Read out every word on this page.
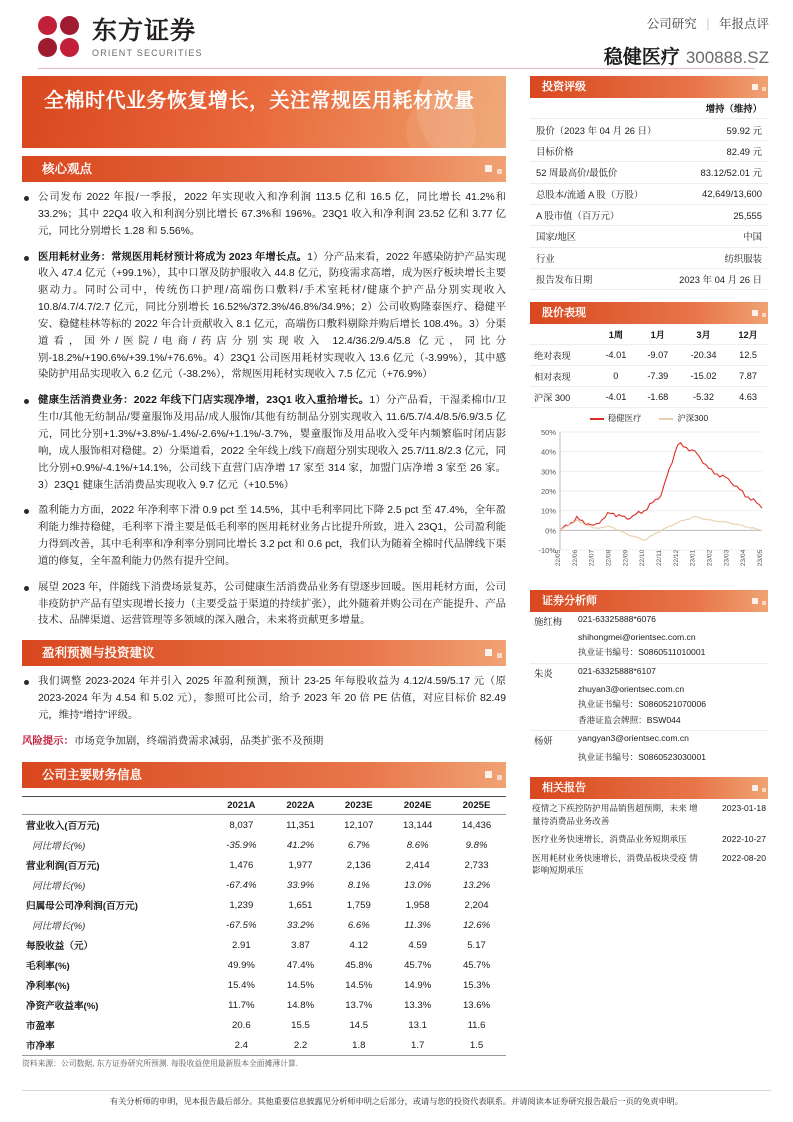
东方证券
ORIENT SECURITIES
公司研究 | 年报点评
稳健医疗 300888.SZ
全棉时代业务恢复增长，关注常规医用耗材放量
核心观点
公司发布 2022 年报/一季报，2022 年实现收入和净利润 113.5 亿和 16.5 亿，同比增长 41.2%和 33.2%；其中 22Q4 收入和利润分别比增长 67.3%和 196%。23Q1 收入和净利润 23.52 亿和 3.77 亿元，同比分别增长 1.28 和 5.56%。
医用耗材业务：常规医用耗材预计将成为 2023 年增长点。1）分产品来看，2022 年感染防护产品实现收入 47.4 亿元（+99.1%），其中口罩及防护服收入 44.8 亿元，防疫需求高增，成为医疗板块增长主要驱动力。同时公司中，传统伤口护理/高端伤口敷料/手术室耗材/健康个护产品分别实现收入 10.8/4.7/4.7/2.7 亿元，同比分别增长 16.52%/372.3%/46.8%/34.9%；2）公司收购隆泰医疗、稳健平安、稳健桂林等标的 2022 年合计贡献收入 8.1 亿元，高端伤口敷料剔除并购后增长 108.4%。3）分渠道看，国外/医院/电商/药店分别实现收入 12.4/36.2/9.4/5.8 亿元，同比分别-18.2%/+190.6%/+39.1%/+76.6%。4）23Q1 公司医用耗材实现收入 13.6 亿元（-3.99%），其中感染防护用品实现收入 6.2 亿元（-38.2%），常规医用耗材实现收入 7.5 亿元（+76.9%）
健康生活消费业务：2022 年线下门店实现净增，23Q1 收入重拾增长。1）分产品看，干湿柔棉巾/卫生巾/其他无纺制品/婴童服饰及用品/成人服饰/其他有纺制品分别实现收入 11.6/5.7/4.4/8.5/6.9/3.5 亿元，同比分别+1.3%/+3.8%/-1.4%/-2.6%/+1.1%/-3.7%，婴童服饰及用品收入受年内频繁临时闭店影响，成人服饰相对稳健。2）分渠道看，2022 全年线上/线下/商超分别实现收入 25.7/11.8/2.3 亿元，同比分别+0.9%/-4.1%/+14.1%，公司线下直营门店净增 17 家至 314 家，加盟门店净增 3 家至 26 家。3）23Q1 健康生活消费品实现收入 9.7 亿元（+10.5%）
盈利能力方面，2022 年净利率下滑 0.9 pct 至 14.5%，其中毛利率同比下降 2.5 pct 至 47.4%，全年盈利能力维持稳健，毛利率下滑主要是低毛利率的医用耗材业务占比提升所致，进入 23Q1，公司盈利能力得到改善，其中毛利率和净利率分别同比增长 3.2 pct 和 0.6 pct，我们认为随着全棉时代品牌线下渠道的修复，全年盈利能力仍然有提升空间。
展望 2023 年，伴随线下消费场景复苏，公司健康生活消费品业务有望逐步回暖。医用耗材方面，公司非疫防护产品有望实现增长接力（主要受益于渠道的持续扩张），此外随着并购公司在产能提升、产品技术、品牌渠道、运营管理等多领域的深入融合，未来将贡献更多增量。
盈利预测与投资建议
我们调整 2023-2024 年并引入 2025 年盈利预测，预计 23-25 年每股收益为 4.12/4.59/5.17 元（原 2023-2024 年为 4.54 和 5.02 元），参照可比公司，给予 2023 年 20 倍 PE 估值，对应目标价 82.49 元，维持“增持”评级。
风险提示：市场竞争加剧，终端消费需求减弱，品类扩张不及预期
公司主要财务信息
	2021A	2022A	2023E	2024E	2025E
营业收入(百万元)	8,037	11,351	12,107	13,144	14,436
同比增长(%)	-35.9%	41.2%	6.7%	8.6%	9.8%
营业利润(百万元)	1,476	1,977	2,136	2,414	2,733
同比增长(%)	-67.4%	33.9%	8.1%	13.0%	13.2%
归属母公司净利润(百万元)	1,239	1,651	1,759	1,958	2,204
同比增长(%)	-67.5%	33.2%	6.6%	11.3%	12.6%
每股收益（元）	2.91	3.87	4.12	4.59	5.17
毛利率(%)	49.9%	47.4%	45.8%	45.7%	45.7%
净利率(%)	15.4%	14.5%	14.5%	14.9%	15.3%
净资产收益率(%)	11.7%	14.8%	13.7%	13.3%	13.6%
市盈率	20.6	15.5	14.5	13.1	11.6
市净率	2.4	2.2	1.8	1.7	1.5
资料来源：公司数据, 东方证券研究所预测. 每股收益使用最新股本全面摊薄计算.
投资评级
增持（维持）	
股价（2023 年 04 月 26 日）	59.92 元
目标价格	82.49 元
52 周最高价/最低价	83.12/52.01 元
总股本/流通 A 股（万股）	42,649/13,600
A 股市值（百万元）	25,555
国家/地区	中国
行业	纺织服装
报告发布日期	2023 年 04 月 26 日
股价表现
	1周	1月	3月	12月
绝对表现	-4.01	-9.07	-20.34	12.5
相对表现	0	-7.39	-15.02	7.87
沪深 300	-4.01	-1.68	-5.32	4.63
稳健医疗	沪深300
50%
40%
30%
20%
10%
0%
-10% 22/05 22/06 22/07 22/08 22/09 22/10 22/11 22/12 23/01 23/02 23/03 23/04 23/05
证券分析师
施红梅	021-63325888*6076
	shihongmei@orientsec.com.cn
	执业证书编号：S0860511010001

朱炎	021-63325888*6107
	zhuyan3@orientsec.com.cn
	执业证书编号：S0860521070006
	香港证监会牌照：BSW044

杨妍	yangyan3@orientsec.com.cn
	执业证书编号：S0860523030001
相关报告
疫情之下疾控防护用品销售超预期，未来 增量待消费品业务改善	2023-01-18
医疗业务快速增长，消费品业务短期承压	2022-10-27
医用耗材业务快速增长，消费品板块受疫 情影响短期承压	2022-08-20
有关分析师的申明，见本报告最后部分。其他重要信息披露见分析师申明之后部分，或请与您的投资代表联系。并请阅读本证券研究报告最后一页的免责申明。
